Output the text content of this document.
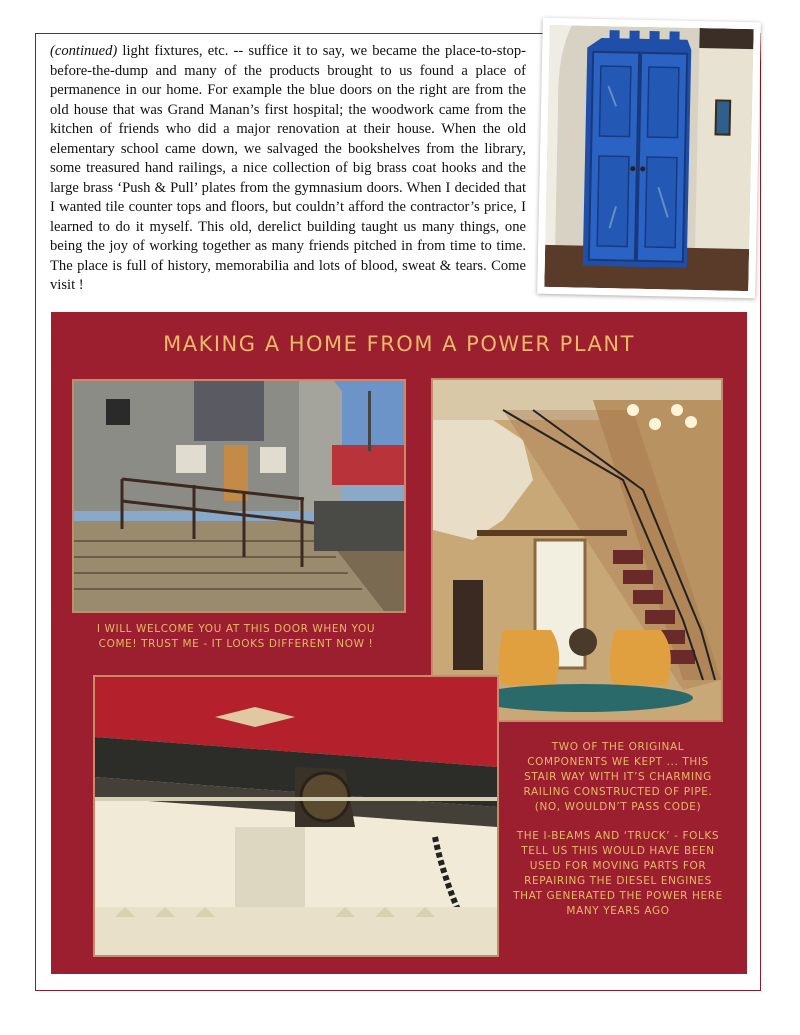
(continued) light fixtures, etc. -- suffice it to say, we became the place-to-stop-before-the-dump and many of the products brought to us found a place of permanence in our home. For example the blue doors on the right are from the old house that was Grand Manan’s first hospital; the woodwork came from the kitchen of friends who did a major renovation at their house. When the old elementary school came down, we salvaged the bookshelves from the library, some treasured hand railings, a nice collection of big brass coat hooks and the large brass ‘Push & Pull’ plates from the gymnasium doors. When I decided that I wanted tile counter tops and floors, but couldn’t afford the contractor’s price, I learned to do it myself. This old, derelict building taught us many things, one being the joy of working together as many friends pitched in from time to time. The place is full of history, memorabilia and lots of blood, sweat & tears. Come visit !

MAKING A HOME FROM A POWER PLANT
I WILL WELCOME YOU AT THIS DOOR WHEN YOU COME! TRUST ME - IT LOOKS DIFFERENT NOW !
TWO OF THE ORIGINAL COMPONENTS WE KEPT ... THIS STAIR WAY WITH IT’S CHARMING RAILING CONSTRUCTED OF PIPE. (NO, WOULDN’T PASS CODE)
THE I-BEAMS AND ‘TRUCK’ - FOLKS TELL US THIS WOULD HAVE BEEN USED FOR MOVING PARTS FOR REPAIRING THE DIESEL ENGINES THAT GENERATED THE POWER HERE MANY YEARS AGO
